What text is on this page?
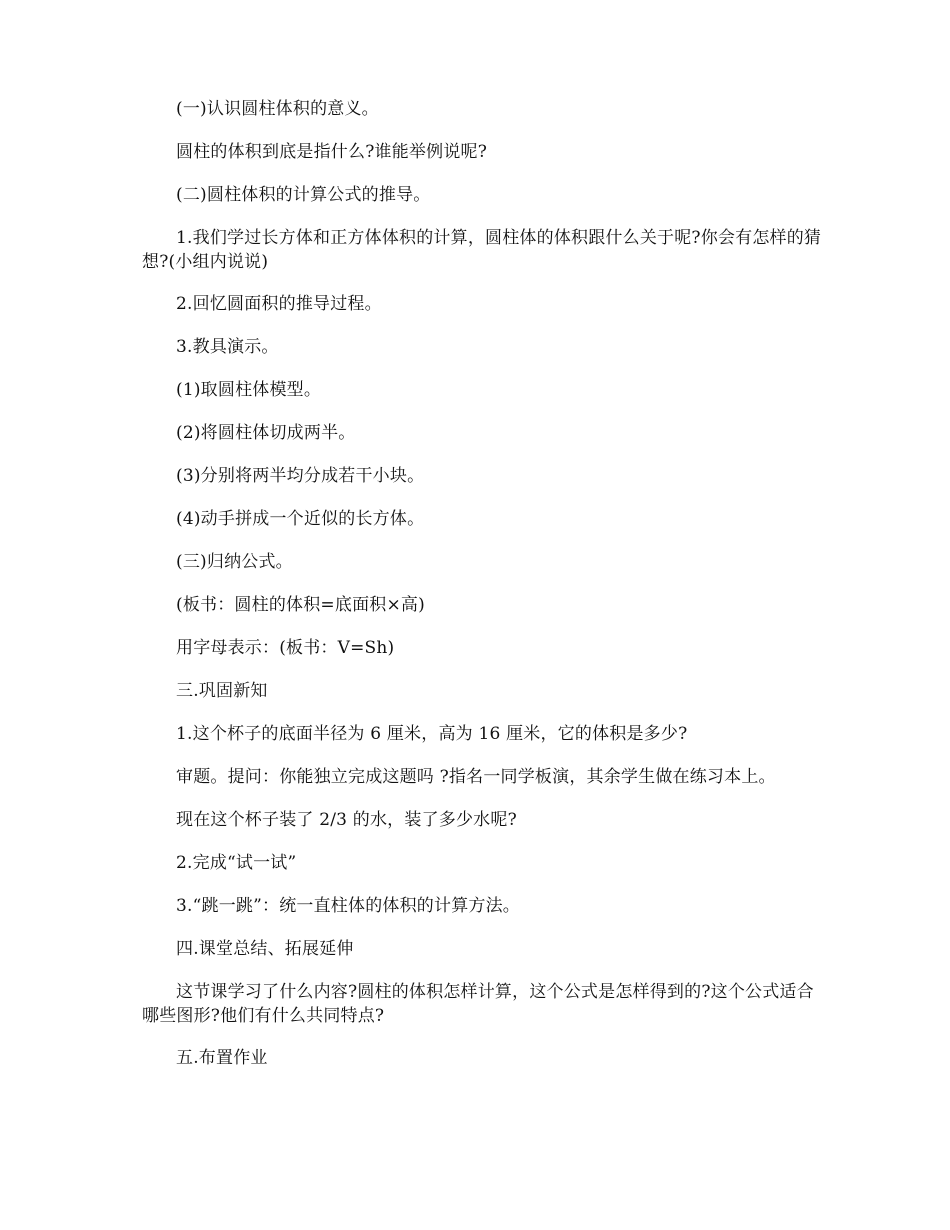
(一)认识圆柱体积的意义。

圆柱的体积到底是指什么?谁能举例说呢?

(二)圆柱体积的计算公式的推导。

1.我们学过长方体和正方体体积的计算，圆柱体的体积跟什么关于呢?你会有怎样的猜想?(小组内说说)

2.回忆圆面积的推导过程。

3.教具演示。

(1)取圆柱体模型。

(2)将圆柱体切成两半。

(3)分别将两半均分成若干小块。

(4)动手拼成一个近似的长方体。

(三)归纳公式。

(板书：圆柱的体积=底面积×高)

用字母表示：(板书：V=Sh)

三.巩固新知

1.这个杯子的底面半径为 6 厘米，高为 16 厘米，它的体积是多少?

审题。提问：你能独立完成这题吗 ?指名一同学板演，其余学生做在练习本上。

现在这个杯子装了 2/3 的水，装了多少水呢?

2.完成“试一试”

3.“跳一跳”：统一直柱体的体积的计算方法。

四.课堂总结、拓展延伸

这节课学习了什么内容?圆柱的体积怎样计算，这个公式是怎样得到的?这个公式适合哪些图形?他们有什么共同特点?

五.布置作业
